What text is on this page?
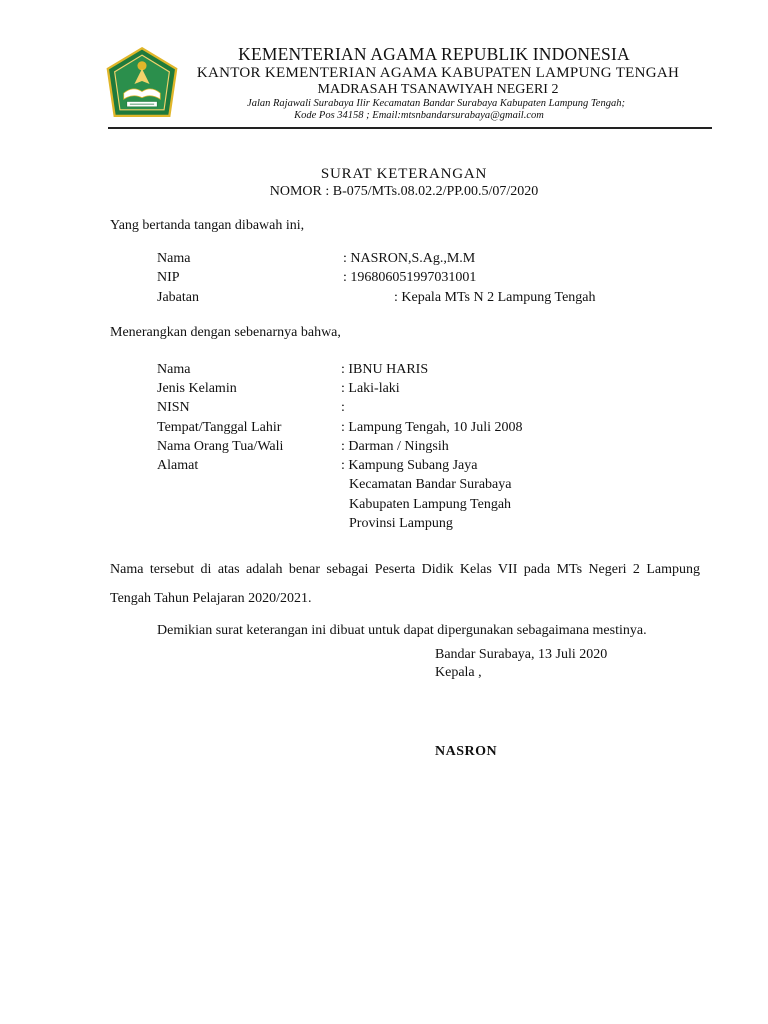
KEMENTERIAN AGAMA REPUBLIK INDONESIA
KANTOR KEMENTERIAN AGAMA KABUPATEN LAMPUNG TENGAH
MADRASAH TSANAWIYAH NEGERI 2
Jalan Rajawali Surabaya Ilir Kecamatan Bandar Surabaya Kabupaten Lampung Tengah;
Kode Pos 34158 ; Email:mtsnbandarsurabaya@gmail.com
SURAT KETERANGAN
NOMOR : B-075/MTs.08.02.2/PP.00.5/07/2020
Yang bertanda tangan dibawah ini,
Nama	: NASRON,S.Ag.,M.M
NIP	: 196806051997031001
Jabatan	: Kepala MTs N 2 Lampung Tengah
Menerangkan dengan sebenarnya bahwa,
Nama	: IBNU HARIS
Jenis Kelamin	: Laki-laki
NISN	:
Tempat/Tanggal Lahir	: Lampung Tengah, 10 Juli 2008
Nama Orang Tua/Wali	: Darman / Ningsih
Alamat	: Kampung Subang Jaya
Kecamatan Bandar Surabaya
Kabupaten Lampung Tengah
Provinsi Lampung
Nama tersebut di atas adalah benar sebagai Peserta Didik Kelas VII pada MTs Negeri 2 Lampung Tengah Tahun Pelajaran 2020/2021.
Demikian surat keterangan ini dibuat untuk dapat dipergunakan sebagaimana mestinya.
Bandar Surabaya, 13 Juli 2020
Kepala ,
NASRON
